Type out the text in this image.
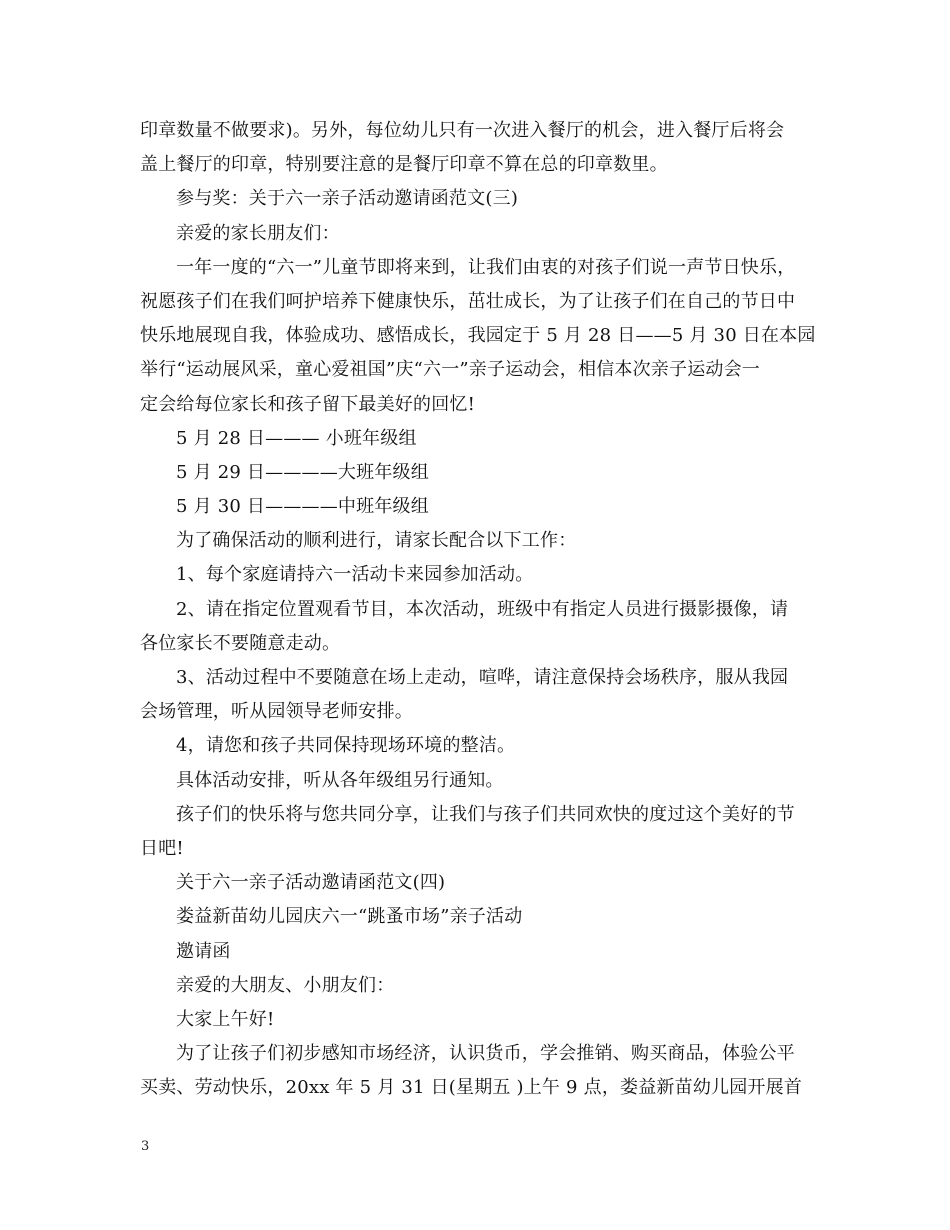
印章数量不做要求)。另外，每位幼儿只有一次进入餐厅的机会，进入餐厅后将会
盖上餐厅的印章，特别要注意的是餐厅印章不算在总的印章数里。
参与奖：关于六一亲子活动邀请函范文(三)
亲爱的家长朋友们：
一年一度的“六一”儿童节即将来到，让我们由衷的对孩子们说一声节日快乐，
祝愿孩子们在我们呵护培养下健康快乐，茁壮成长，为了让孩子们在自己的节日中
快乐地展现自我，体验成功、感悟成长，我园定于 5 月 28 日——5 月 30 日在本园
举行“运动展风采，童心爱祖国”庆“六一”亲子运动会，相信本次亲子运动会一
定会给每位家长和孩子留下最美好的回忆!
5 月 28 日——— 小班年级组
5 月 29 日————大班年级组
5 月 30 日————中班年级组
为了确保活动的顺利进行，请家长配合以下工作：
1、每个家庭请持六一活动卡来园参加活动。
2、请在指定位置观看节目，本次活动，班级中有指定人员进行摄影摄像，请
各位家长不要随意走动。
3、活动过程中不要随意在场上走动，喧哗，请注意保持会场秩序，服从我园
会场管理，听从园领导老师安排。
4，请您和孩子共同保持现场环境的整洁。
具体活动安排，听从各年级组另行通知。
孩子们的快乐将与您共同分享，让我们与孩子们共同欢快的度过这个美好的节
日吧!
关于六一亲子活动邀请函范文(四)
娄益新苗幼儿园庆六一“跳蚤市场”亲子活动
邀请函
亲爱的大朋友、小朋友们：
大家上午好!
为了让孩子们初步感知市场经济，认识货币，学会推销、购买商品，体验公平
买卖、劳动快乐，20xx 年 5 月 31 日(星期五 )上午 9 点，娄益新苗幼儿园开展首
3
